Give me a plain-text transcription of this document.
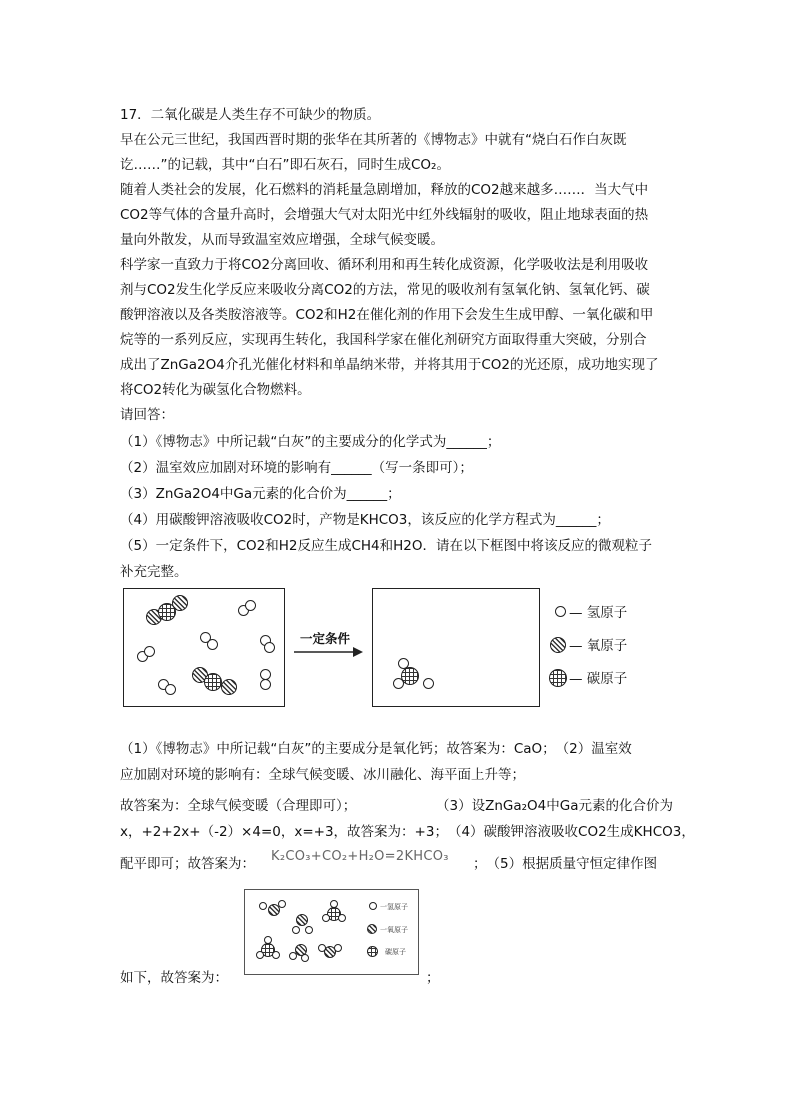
17．二氧化碳是人类生存不可缺少的物质。
早在公元三世纪，我国西晋时期的张华在其所著的《博物志》中就有“烧白石作白灰既
讫……”的记载，其中“白石”即石灰石，同时生成CO₂。
随着人类社会的发展，化石燃料的消耗量急剧增加，释放的CO2越来越多……．当大气中
CO2等气体的含量升高时，会增强大气对太阳光中红外线辐射的吸收，阻止地球表面的热
量向外散发，从而导致温室效应增强，全球气候变暖。
科学家一直致力于将CO2分离回收、循环利用和再生转化成资源，化学吸收法是利用吸收
剂与CO2发生化学反应来吸收分离CO2的方法，常见的吸收剂有氢氧化钠、氢氧化钙、碳
酸钾溶液以及各类胺溶液等。CO2和H2在催化剂的作用下会发生生成甲醇、一氧化碳和甲
烷等的一系列反应，实现再生转化，我国科学家在催化剂研究方面取得重大突破，分别合
成出了ZnGa2O4介孔光催化材料和单晶纳米带，并将其用于CO2的光还原，成功地实现了
将CO2转化为碳氢化合物燃料。
请回答：
（1）《博物志》中所记载“白灰”的主要成分的化学式为______；
（2）温室效应加剧对环境的影响有______（写一条即可）；
（3）ZnGa2O4中Ga元素的化合价为______；
（4）用碳酸钾溶液吸收CO2时，产物是KHCO3，该反应的化学方程式为______；
（5）一定条件下，CO2和H2反应生成CH4和H2O．请在以下框图中将该反应的微观粒子
补充完整。
一定条件
— 氢原子
— 氧原子
— 碳原子
（1）《博物志》中所记载“白灰”的主要成分是氧化钙；故答案为：CaO；　（2）温室效
应加剧对环境的影响有：全球气候变暖、冰川融化、海平面上升等；
故答案为：全球气候变暖（合理即可）；	（3）设ZnGa₂O4中Ga元素的化合价为
x，+2+2x+（-2）×4=0，x=+3，故答案为：+3；　（4）碳酸钾溶液吸收CO2生成KHCO3，
配平即可；故答案为： K₂CO₃+CO₂+H₂O=2KHCO₃ ；　（5）根据质量守恒定律作图
一氢原子
一氧原子
碳原子
如下，故答案为：	；
